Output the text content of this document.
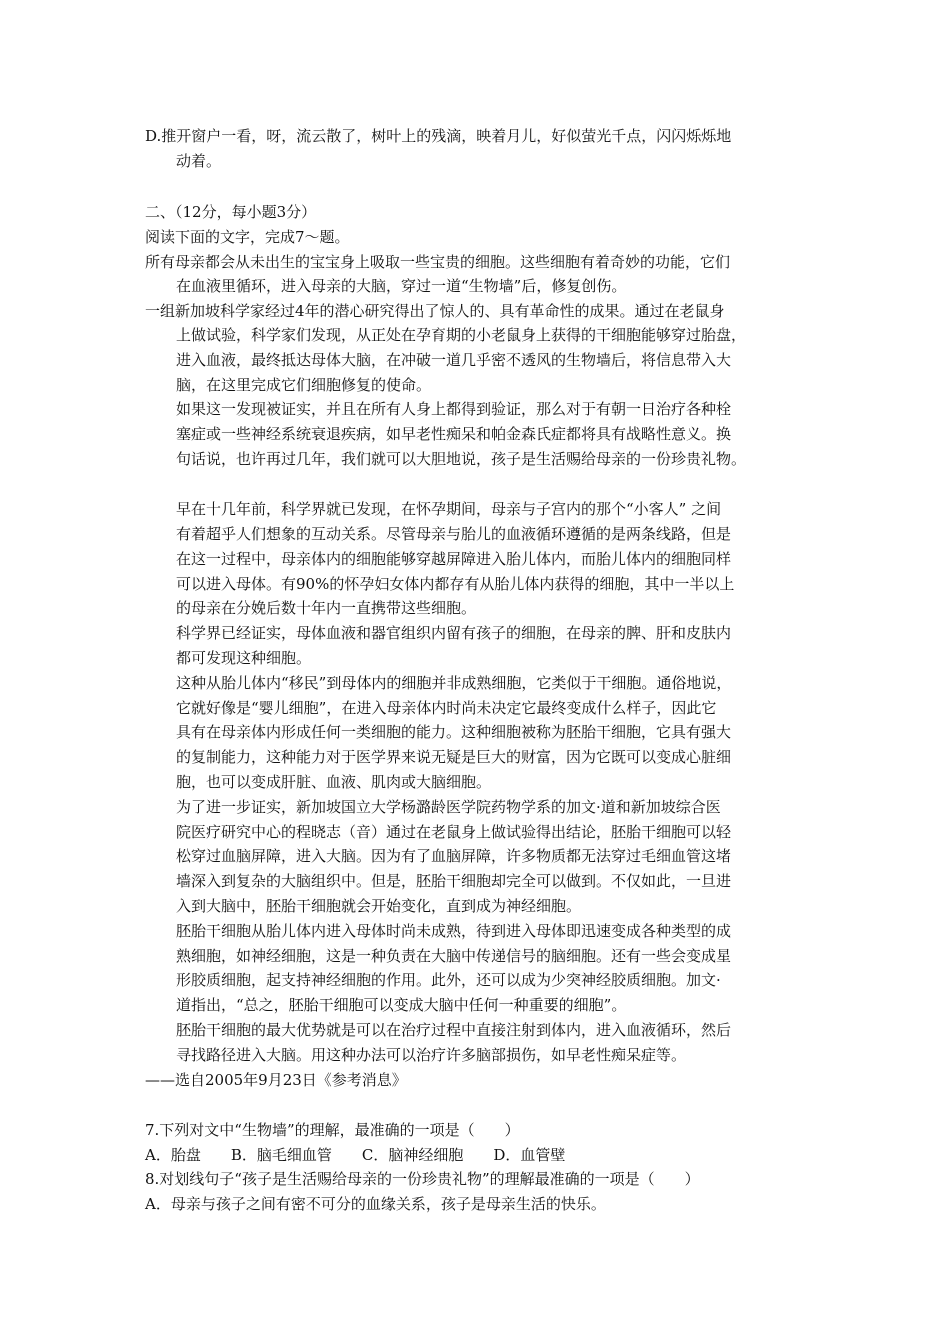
D.推开窗户一看，呀，流云散了，树叶上的残滴，映着月儿，好似萤光千点，闪闪烁烁地
动着。
二、（12分，每小题3分）
阅读下面的文字，完成7～题。
所有母亲都会从未出生的宝宝身上吸取一些宝贵的细胞。这些细胞有着奇妙的功能，它们
在血液里循环，进入母亲的大脑，穿过一道“生物墙”后，修复创伤。
一组新加坡科学家经过4年的潜心研究得出了惊人的、具有革命性的成果。通过在老鼠身
上做试验，科学家们发现，从正处在孕育期的小老鼠身上获得的干细胞能够穿过胎盘，
进入血液，最终抵达母体大脑，在冲破一道几乎密不透风的生物墙后，将信息带入大
脑，在这里完成它们细胞修复的使命。
如果这一发现被证实，并且在所有人身上都得到验证，那么对于有朝一日治疗各种栓
塞症或一些神经系统衰退疾病，如早老性痴呆和帕金森氏症都将具有战略性意义。换
句话说，也许再过几年，我们就可以大胆地说，孩子是生活赐给母亲的一份珍贵礼物。
早在十几年前，科学界就已发现，在怀孕期间，母亲与子宫内的那个“小客人” 之间
有着超乎人们想象的互动关系。尽管母亲与胎儿的血液循环遵循的是两条线路，但是
在这一过程中，母亲体内的细胞能够穿越屏障进入胎儿体内，而胎儿体内的细胞同样
可以进入母体。有90%的怀孕妇女体内都存有从胎儿体内获得的细胞，其中一半以上
的母亲在分娩后数十年内一直携带这些细胞。
科学界已经证实，母体血液和器官组织内留有孩子的细胞，在母亲的脾、肝和皮肤内
都可发现这种细胞。
这种从胎儿体内“移民”到母体内的细胞并非成熟细胞，它类似于干细胞。通俗地说，
它就好像是“婴儿细胞”，在进入母亲体内时尚未决定它最终变成什么样子，因此它
具有在母亲体内形成任何一类细胞的能力。这种细胞被称为胚胎干细胞，它具有强大
的复制能力，这种能力对于医学界来说无疑是巨大的财富，因为它既可以变成心脏细
胞，也可以变成肝脏、血液、肌肉或大脑细胞。
为了进一步证实，新加坡国立大学杨潞龄医学院药物学系的加文·道和新加坡综合医
院医疗研究中心的程晓志（音）通过在老鼠身上做试验得出结论，胚胎干细胞可以轻
松穿过血脑屏障，进入大脑。因为有了血脑屏障，许多物质都无法穿过毛细血管这堵
墙深入到复杂的大脑组织中。但是，胚胎干细胞却完全可以做到。不仅如此，一旦进
入到大脑中，胚胎干细胞就会开始变化，直到成为神经细胞。
胚胎干细胞从胎儿体内进入母体时尚未成熟，待到进入母体即迅速变成各种类型的成
熟细胞，如神经细胞，这是一种负责在大脑中传递信号的脑细胞。还有一些会变成星
形胶质细胞，起支持神经细胞的作用。此外，还可以成为少突神经胶质细胞。加文·
道指出，“总之，胚胎干细胞可以变成大脑中任何一种重要的细胞”。
胚胎干细胞的最大优势就是可以在治疗过程中直接注射到体内，进入血液循环，然后
寻找路径进入大脑。用这种办法可以治疗许多脑部损伤，如早老性痴呆症等。
——选自2005年9月23日《参考消息》
7.下列对文中“生物墙”的理解，最准确的一项是（　　）
A．胎盘　　B．脑毛细血管　　C．脑神经细胞　　D．血管壁
8.对划线句子“孩子是生活赐给母亲的一份珍贵礼物”的理解最准确的一项是（　　）
A．母亲与孩子之间有密不可分的血缘关系，孩子是母亲生活的快乐。
